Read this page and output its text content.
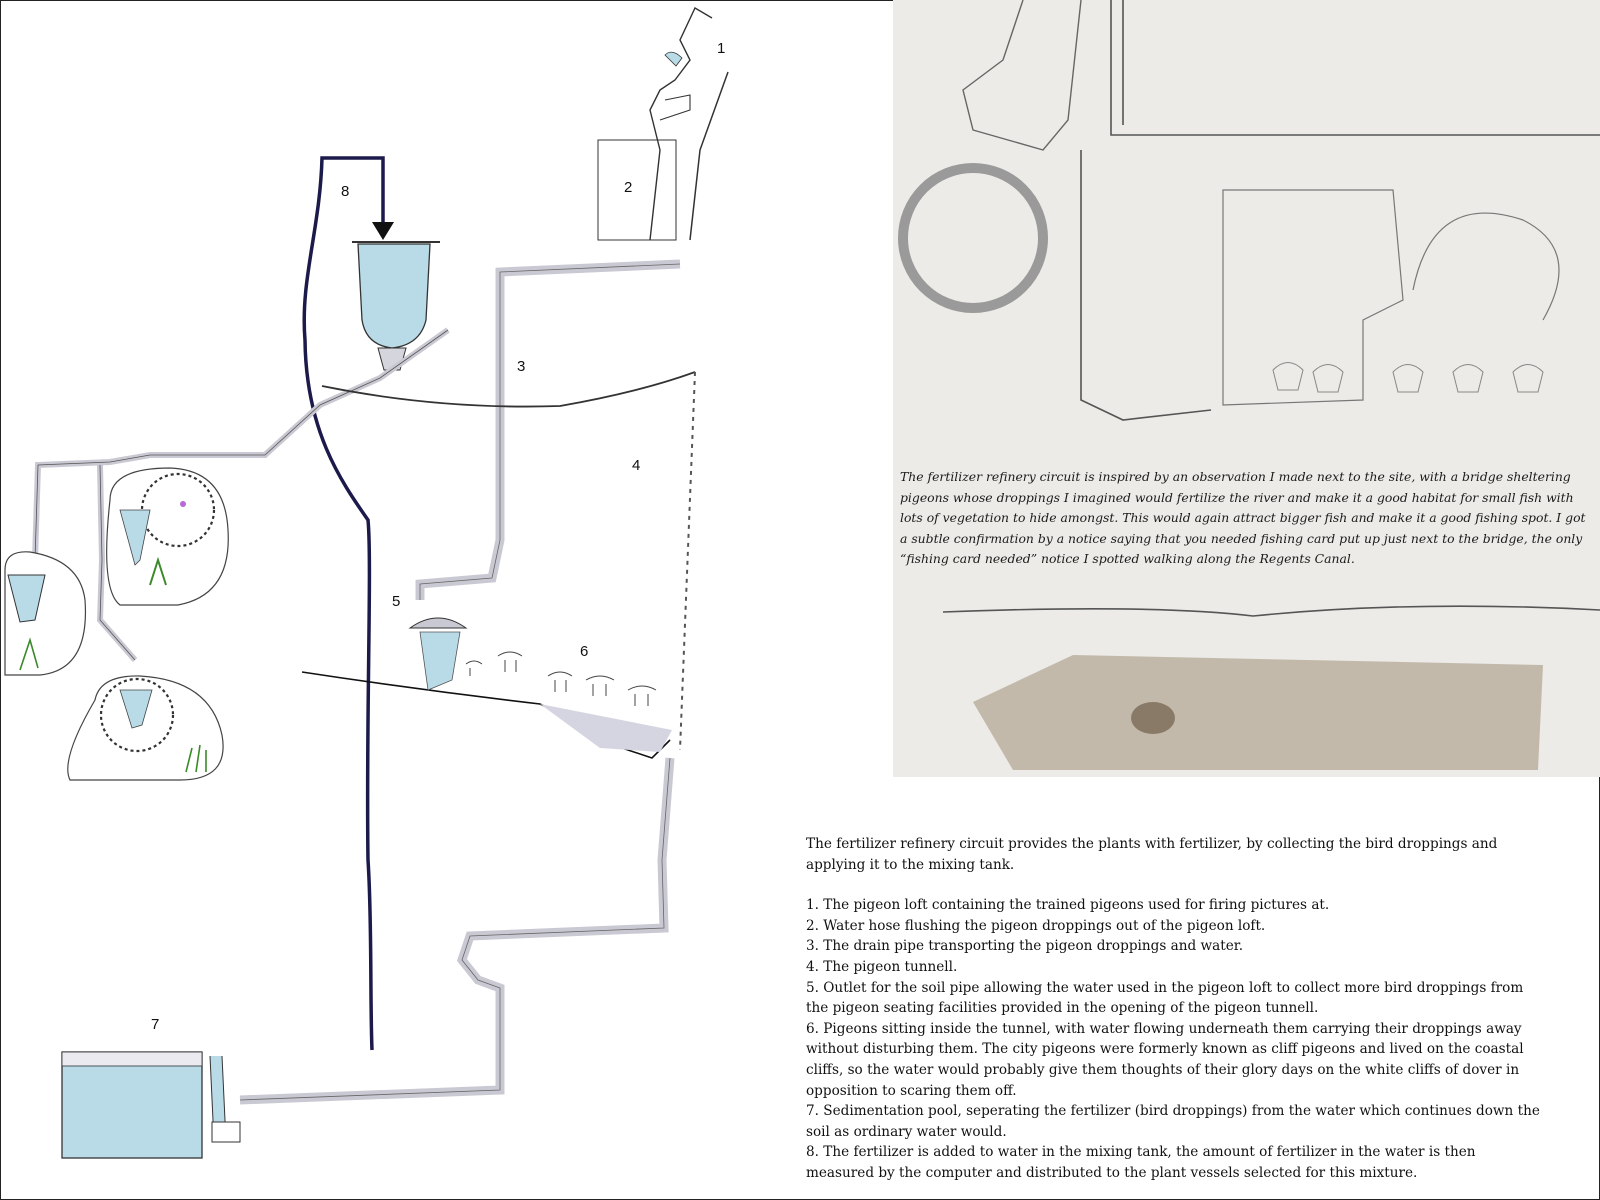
1
2
3
4
5
6
7
8

The fertilizer refinery circuit is inspired by an observation I made next to the site, with a bridge sheltering pigeons whose droppings I imagined would fertilize the river and make it a good habitat for small fish with lots of vegetation to hide amongst. This would again attract bigger fish and make it a good fishing spot. I got a subtle confirmation by a notice saying that you needed fishing card put up just next to the bridge, the only “fishing card needed” notice I spotted walking along the Regents Canal.

The fertilizer refinery circuit provides the plants with fertilizer, by collecting the bird droppings and applying it to the mixing tank.

1. The pigeon loft containing the trained pigeons used for firing pictures at.
2. Water hose flushing the pigeon droppings out of the pigeon loft.
3. The drain pipe transporting the pigeon droppings and water.
4. The pigeon tunnell.
5. Outlet for the soil pipe allowing the water used in the pigeon loft to collect more bird droppings from the pigeon seating facilities provided in the opening of the pigeon tunnell.
6. Pigeons sitting inside the tunnel, with water flowing underneath them carrying their droppings away without disturbing them. The city pigeons were formerly known as cliff pigeons and lived on the coastal cliffs, so the water would probably give them thoughts of their glory days on the white cliffs of dover in opposition to scaring them off.
7. Sedimentation pool, seperating the fertilizer (bird droppings) from the water which continues down the soil as ordinary water would.
8. The fertilizer is added to water in the mixing tank, the amount of fertilizer in the water is then measured by the computer and distributed to the plant vessels selected for this mixture.
